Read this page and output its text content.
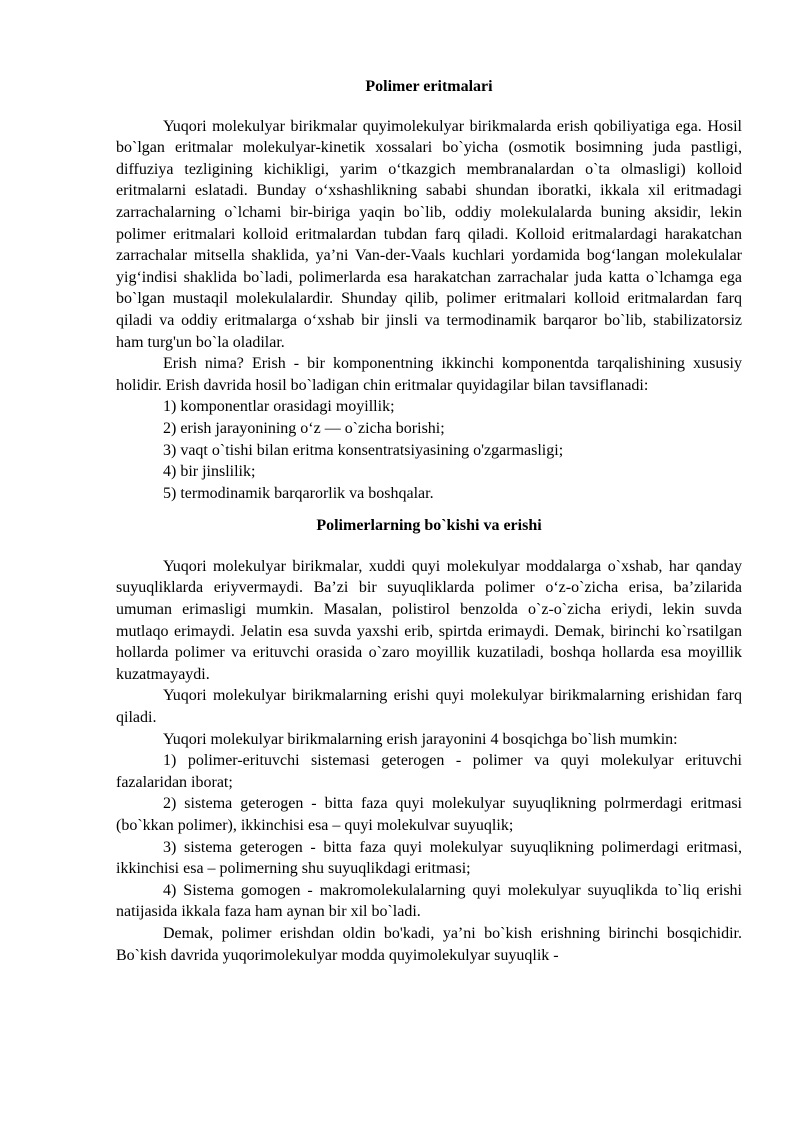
Polimer eritmalari

Yuqori molekulyar birikmalar quyimolekulyar birikmalarda erish qobiliyatiga ega. Hosil bo`lgan eritmalar molekulyar-kinetik xossalari bo`yicha (osmotik bosimning juda pastligi, diffuziya tezligining kichikligi, yarim o‘tkazgich membranalardan o`ta olmasligi) kolloid eritmalarni eslatadi. Bunday o‘xshashlikning sababi shundan iboratki, ikkala xil eritmadagi zarrachalarning o`lchami bir-biriga yaqin bo`lib, oddiy molekulalarda buning aksidir, lekin polimer eritmalari kolloid eritmalardan tubdan farq qiladi. Kolloid eritmalardagi harakatchan zarrachalar mitsella shaklida, ya’ni Van-der-Vaals kuchlari yordamida bog‘langan molekulalar yig‘indisi shaklida bo`ladi, polimerlarda esa harakatchan zarrachalar juda katta o`lchamga ega bo`lgan mustaqil molekulalardir. Shunday qilib, polimer eritmalari kolloid eritmalardan farq qiladi va oddiy eritmalarga o‘xshab bir jinsli va termodinamik barqaror bo`lib, stabilizatorsiz ham turg'un bo`la oladilar.

Erish nima? Erish - bir komponentning ikkinchi komponentda tarqalishining xususiy holidir. Erish davrida hosil bo`ladigan chin eritmalar quyidagilar bilan tavsiflanadi:

1) komponentlar orasidagi moyillik;
2) erish jarayonining o‘z — o`zicha borishi;
3) vaqt o`tishi bilan eritma konsentratsiyasining o'zgarmasligi;
4) bir jinslilik;
5) termodinamik barqarorlik va boshqalar.
Polimerlarning bo`kishi va erishi

Yuqori molekulyar birikmalar, xuddi quyi molekulyar moddalarga o`xshab, har qanday suyuqliklarda eriyvermaydi. Ba’zi bir suyuqliklarda polimer o‘z-o`zicha erisa, ba’zilarida umuman erimasligi mumkin. Masalan, polistirol benzolda o`z-o`zicha eriydi, lekin suvda mutlaqo erimaydi. Jelatin esa suvda yaxshi erib, spirtda erimaydi. Demak, birinchi ko`rsatilgan hollarda polimer va erituvchi orasida o`zaro moyillik kuzatiladi, boshqa hollarda esa moyillik kuzatmayaydi.

Yuqori molekulyar birikmalarning erishi quyi molekulyar birikmalarning erishidan farq qiladi.

Yuqori molekulyar birikmalarning erish jarayonini 4 bosqichga bo`lish mumkin:

1) polimer-erituvchi sistemasi geterogen - polimer va quyi molekulyar erituvchi fazalaridan iborat;

2) sistema geterogen - bitta faza quyi molekulyar suyuqlikning polrmerdagi eritmasi (bo`kkan polimer), ikkinchisi esa – quyi molekulvar suyuqlik;

3) sistema geterogen - bitta faza quyi molekulyar suyuqlikning polimerdagi eritmasi, ikkinchisi esa – polimerning shu suyuqlikdagi eritmasi;

4) Sistema gomogen - makromolekulalarning quyi molekulyar suyuqlikda to`liq erishi natijasida ikkala faza ham aynan bir xil bo`ladi.

Demak, polimer erishdan oldin bo'kadi, ya’ni bo`kish erishning birinchi bosqichidir. Bo`kish davrida yuqorimolekulyar modda quyimolekulyar suyuqlik -
